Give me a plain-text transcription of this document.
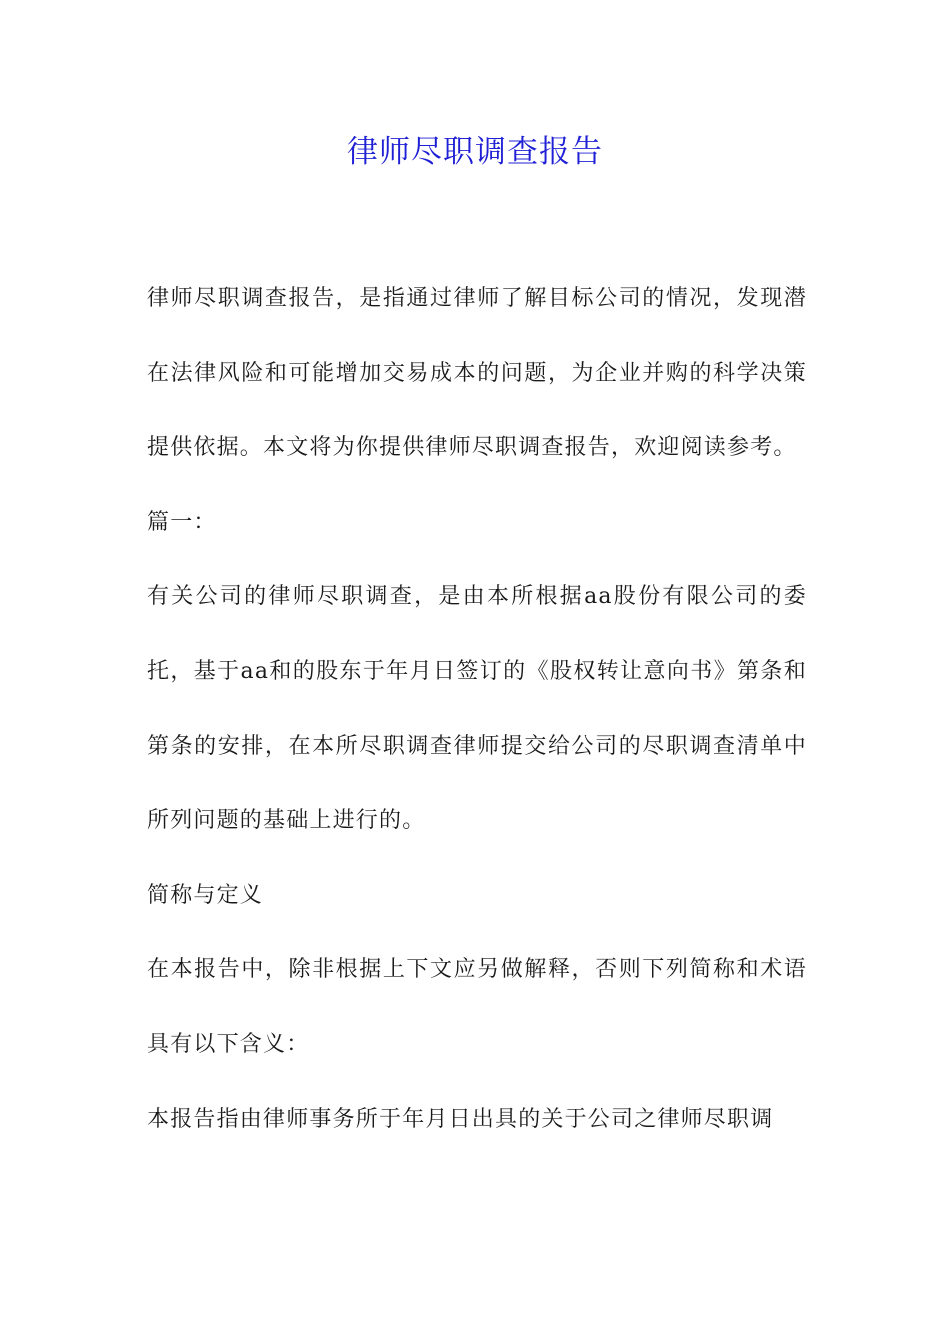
律师尽职调查报告

律师尽职调查报告，是指通过律师了解目标公司的情况，发现潜在法律风险和可能增加交易成本的问题，为企业并购的科学决策提供依据。本文将为你提供律师尽职调查报告，欢迎阅读参考。

篇一：

有关公司的律师尽职调查，是由本所根据aa股份有限公司的委托，基于aa和的股东于年月日签订的《股权转让意向书》第条和第条的安排，在本所尽职调查律师提交给公司的尽职调查清单中所列问题的基础上进行的。

简称与定义

在本报告中，除非根据上下文应另做解释，否则下列简称和术语具有以下含义：

本报告指由律师事务所于年月日出具的关于公司之律师尽职调
